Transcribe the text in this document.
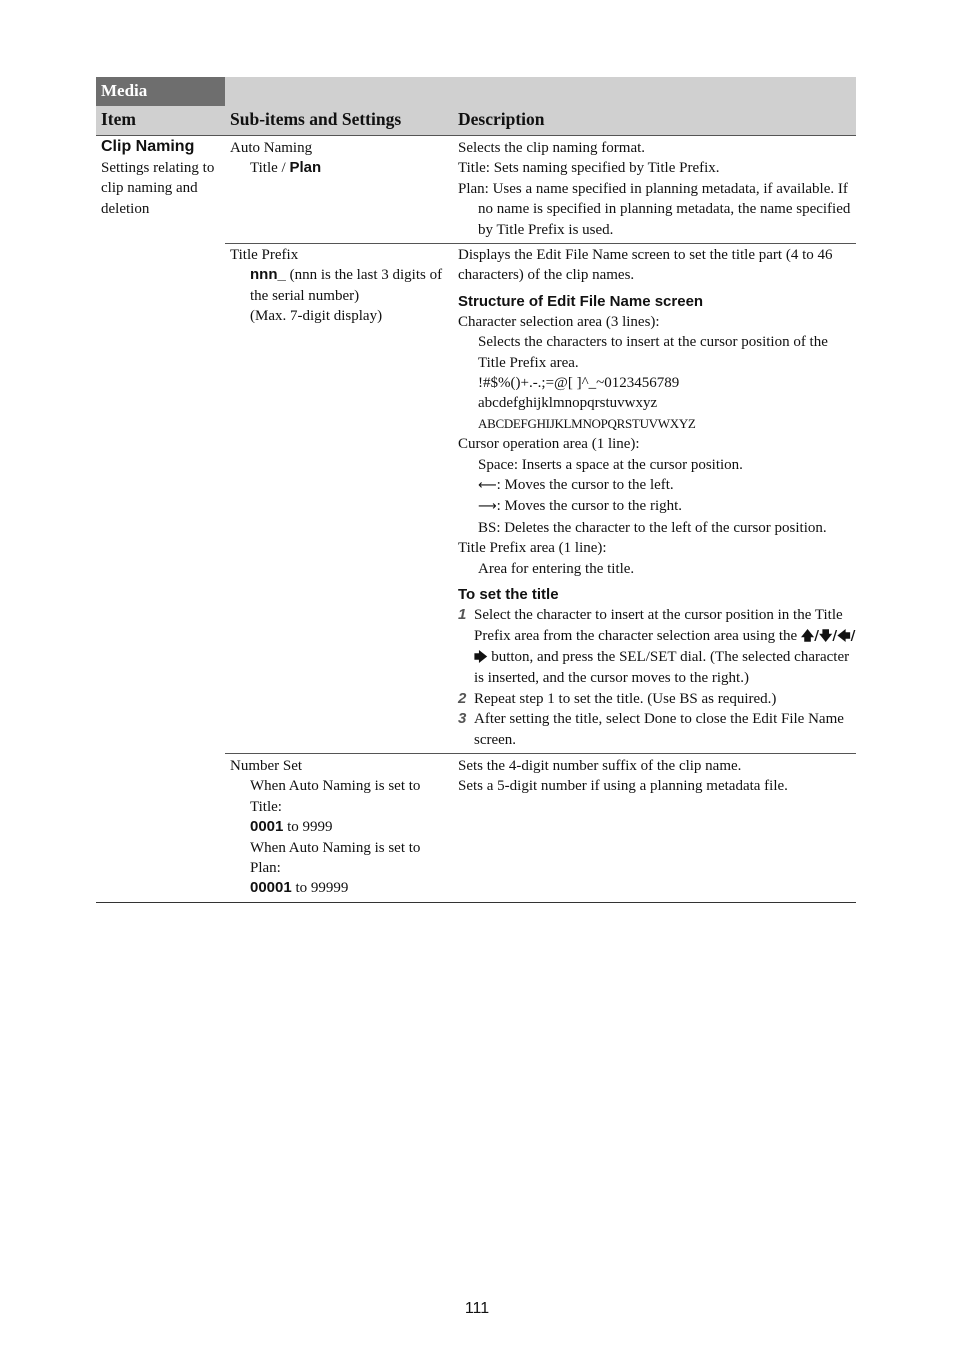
Media
Item	Sub-items and Settings	Description
Clip Naming
Settings relating to clip naming and deletion
Auto Naming
Title / Plan
Selects the clip naming format.
Title: Sets naming specified by Title Prefix.
Plan: Uses a name specified in planning metadata, if available. If no name is specified in planning metadata, the name specified by Title Prefix is used.
Title Prefix
nnn_ (nnn is the last 3 digits of the serial number)
(Max. 7-digit display)
Displays the Edit File Name screen to set the title part (4 to 46 characters) of the clip names.
Structure of Edit File Name screen
Character selection area (3 lines):
Selects the characters to insert at the cursor position of the Title Prefix area.
!#$%()+.-.;=@[ ]^_~0123456789
abcdefghijklmnopqrstuvwxyz
ABCDEFGHIJKLMNOPQRSTUVWXYZ
Cursor operation area (1 line):
Space: Inserts a space at the cursor position.
⟵: Moves the cursor to the left.
⟶: Moves the cursor to the right.
BS: Deletes the character to the left of the cursor position.
Title Prefix area (1 line):
Area for entering the title.
To set the title
1 Select the character to insert at the cursor position in the Title Prefix area from the character selection area using the 🡅/🡇/🡄/🡆 button, and press the SEL/SET dial. (The selected character is inserted, and the cursor moves to the right.)
2 Repeat step 1 to set the title. (Use BS as required.)
3 After setting the title, select Done to close the Edit File Name screen.
Number Set
When Auto Naming is set to Title:
0001 to 9999
When Auto Naming is set to Plan:
00001 to 99999
Sets the 4-digit number suffix of the clip name.
Sets a 5-digit number if using a planning metadata file.
111
